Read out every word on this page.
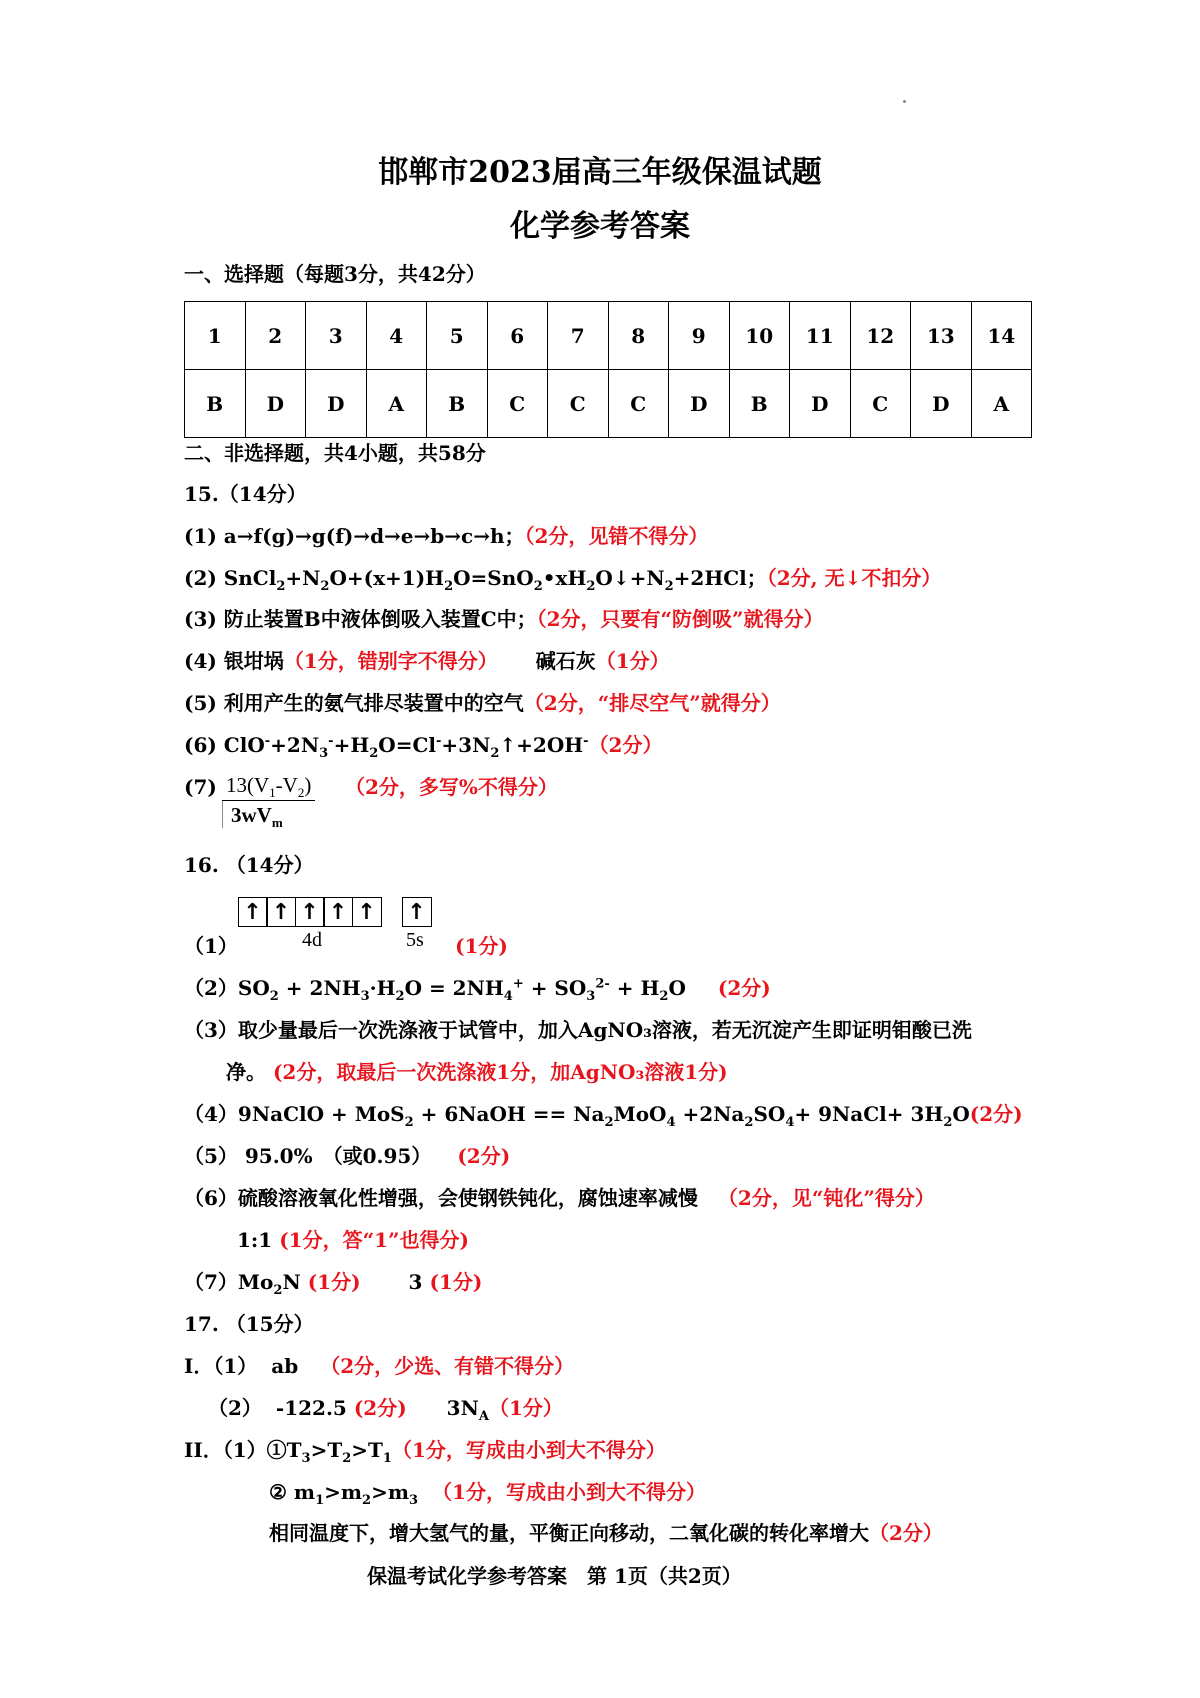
邯郸市2023届高三年级保温试题
化学参考答案
一、选择题（每题3分，共42分）
1	2	3	4	5	6	7	8	9	10	11	12	13	14
B	D	D	A	B	C	C	C	D	B	D	C	D	A
二、非选择题，共4小题，共58分
15.（14分）
(1) a→f(g)→g(f)→d→e→b→c→h；（2分，见错不得分）
(2) $SnCl_2+N_2O+(x+1)H_2O=SnO_2•xH_2O↓+N_2+2HCl$；（2分, 无↓不扣分）
(3) 防止装置B中液体倒吸入装置C中；（2分，只要有“防倒吸”就得分）
(4) 银坩埚（1分，错别字不得分） 碱石灰（1分）
(5) 利用产生的氨气排尽装置中的空气（2分，“排尽空气”就得分）
(6) $ClO^-+2N_3^-+H_2O=Cl^-+3N_2↑+2OH^-(2$分）
(7) $13(V_1-V_2)$
$3wV_m$
（2分，多写%不得分）
16. （14分）
↑ ↑ ↑ ↑ ↑ ↑
4d	5s
（1）	(1分)
$(2)SO_2 + 2NH_3\cdot H_2O = 2NH_4^+ + SO_3^{2-} + H_2O$ (2分)
（3）取少量最后一次洗涤液于试管中，加入AgNO₃溶液，若无沉淀产生即证明钼酸已洗
净。 (2分，取最后一次洗涤液1分，加AgNO₃溶液1分)
（4）9NaClO + MoS$_2$ + 6NaOH == $Na_2MoO_4 +2Na_2SO_4+$ 9NaCl+ $3H_2O(2$分)
（5） 95.0%　（或0.95） (2分)
（6）硫酸溶液氧化性增强，会使钢铁钝化，腐蚀速率减慢 （2分，见“钝化”得分）
1:1 (1分，答“1”也得分)
$(7)Mo_2N$ (1分) 3 (1分)
17. （15分）
I．（1） ab （2分，少选、有错不得分）
（2） -122.5 (2分) $3N_A(1$分）
II．$(1)①T_3>T_2>T_1(1$分，写成由小到大不得分）
② $m_1>m_2>m_3$ （1分，写成由小到大不得分）
相同温度下，增大氢气的量，平衡正向移动，二氧化碳的转化率增大（2分）
保温考试化学参考答案　第 1页（共2页）
